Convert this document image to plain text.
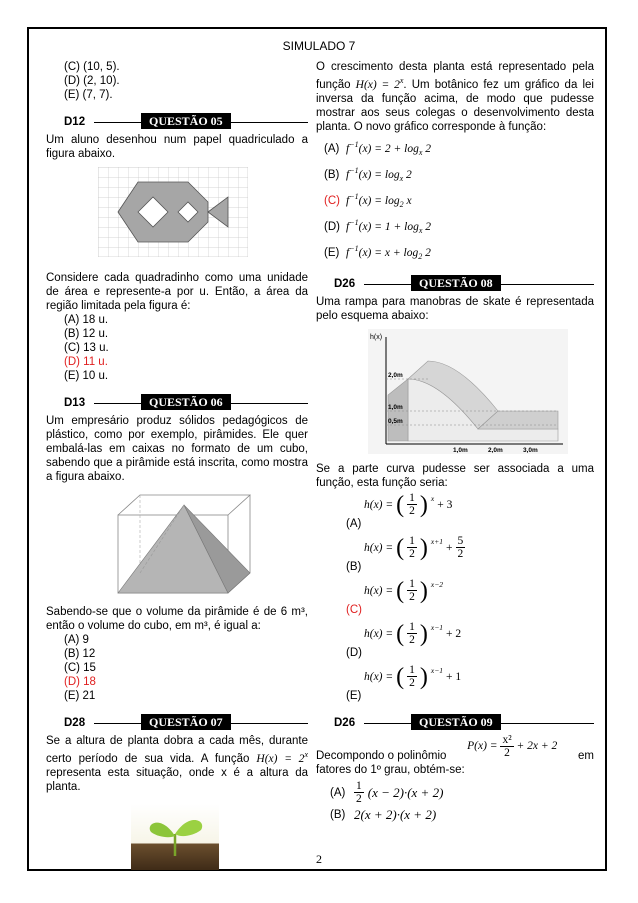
SIMULADO 7

(C) (10, 5).

(D) (2, 10).

(E) (7, 7).

D12	QUESTÃO 05
Um aluno desenhou num papel quadriculado a figura abaixo.
Considere cada quadradinho como uma unidade de área e represente-a por u. Então, a área da região limitada pela figura é:

(A) 18 u.

(B) 12 u.

(C) 13 u.

(D) 11 u.

(E) 10 u.

D13	QUESTÃO 06
Um empresário produz sólidos pedagógicos de plástico, como por exemplo, pirâmides. Ele quer embalá-las em caixas no formato de um cubo, sabendo que a pirâmide está inscrita, como mostra a figura abaixo.
Sabendo-se que o volume da pirâmide é de 6 m³, então o volume do cubo, em m³, é igual a:

(A) 9

(B) 12

(C) 15

(D) 18

(E) 21

D28	QUESTÃO 07
Se a altura de planta dobra a cada mês, durante certo período de sua vida. A função $H(x) = 2^x$ representa esta situação, onde x é a altura da planta.
O crescimento desta planta está representado pela função $H(x) = 2^x$. Um botânico fez um gráfico da lei inversa da função acima, de modo que pudesse mostrar aos seus colegas o desenvolvimento desta planta. O novo gráfico corresponde à função:
(A) $f^{-1}(x) = 2 + \log_x 2$
(B) $f^{-1}(x) = \log_x 2$
(C) $f^{-1}(x) = \log_2 x$
(D) $f^{-1}(x) = 1 + \log_x 2$
(E) $f^{-1}(x) = x + \log_2 2$
D26	QUESTÃO 08
Uma rampa para manobras de skate é representada pelo esquema abaixo:
h(x)
2,0m
1,0m
0,5m
1,0m	2,0m	3,0m
Se a parte curva pudesse ser associada a uma função, esta função seria:
h(x) = ( $\frac{1}{2}$ ) x + 3
(A)
h(x) = ( $\frac{1}{2}$ ) $x+1 + \frac{5}{2}$
(B)
h(x) = ( $\frac{1}{2}$ ) x−2
(C)
h(x) = ( $\frac{1}{2}$ ) x−1 + 2
(D)
h(x) = ( $\frac{1}{2}$ ) x−1 + 1
(E)
D26	QUESTÃO 09
Decompondo o polinômio
$P(x) = \frac{\text{x²}}{2} + 2x + 2$
em
fatores do 1º grau, obtém-se:
$(A) \frac{1}{2} (x - 2)\cdot(x + 2)$
(B) 2(x + 2)·(x + 2)
2
